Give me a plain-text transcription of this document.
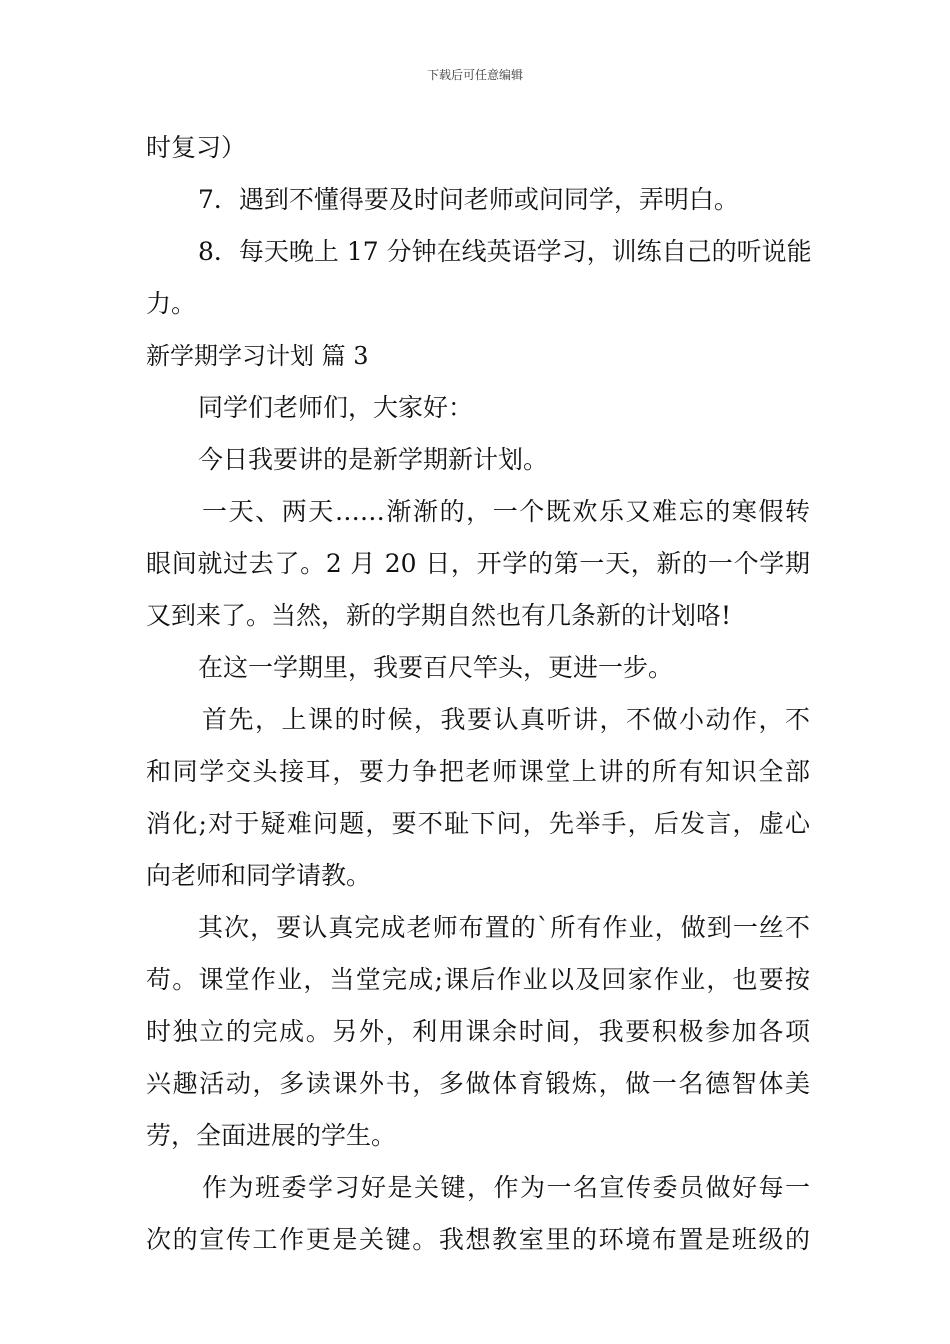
下载后可任意编辑
时复习）
7．遇到不懂得要及时问老师或问同学，弄明白。
8．每天晚上 17 分钟在线英语学习，训练自己的听说能
力。
新学期学习计划 篇 3
同学们老师们，大家好：
今日我要讲的是新学期新计划。
一天、两天……渐渐的，一个既欢乐又难忘的寒假转
眼间就过去了。2 月 20 日，开学的第一天，新的一个学期
又到来了。当然，新的学期自然也有几条新的计划咯!
在这一学期里，我要百尺竿头，更进一步。
首先，上课的时候，我要认真听讲，不做小动作，不
和同学交头接耳，要力争把老师课堂上讲的所有知识全部
消化;对于疑难问题，要不耻下问，先举手，后发言，虚心
向老师和同学请教。
其次，要认真完成老师布置的`所有作业，做到一丝不
苟。课堂作业，当堂完成;课后作业以及回家作业，也要按
时独立的完成。另外，利用课余时间，我要积极参加各项
兴趣活动，多读课外书，多做体育锻炼，做一名德智体美
劳，全面进展的学生。
作为班委学习好是关键，作为一名宣传委员做好每一
次的宣传工作更是关键。我想教室里的环境布置是班级的
